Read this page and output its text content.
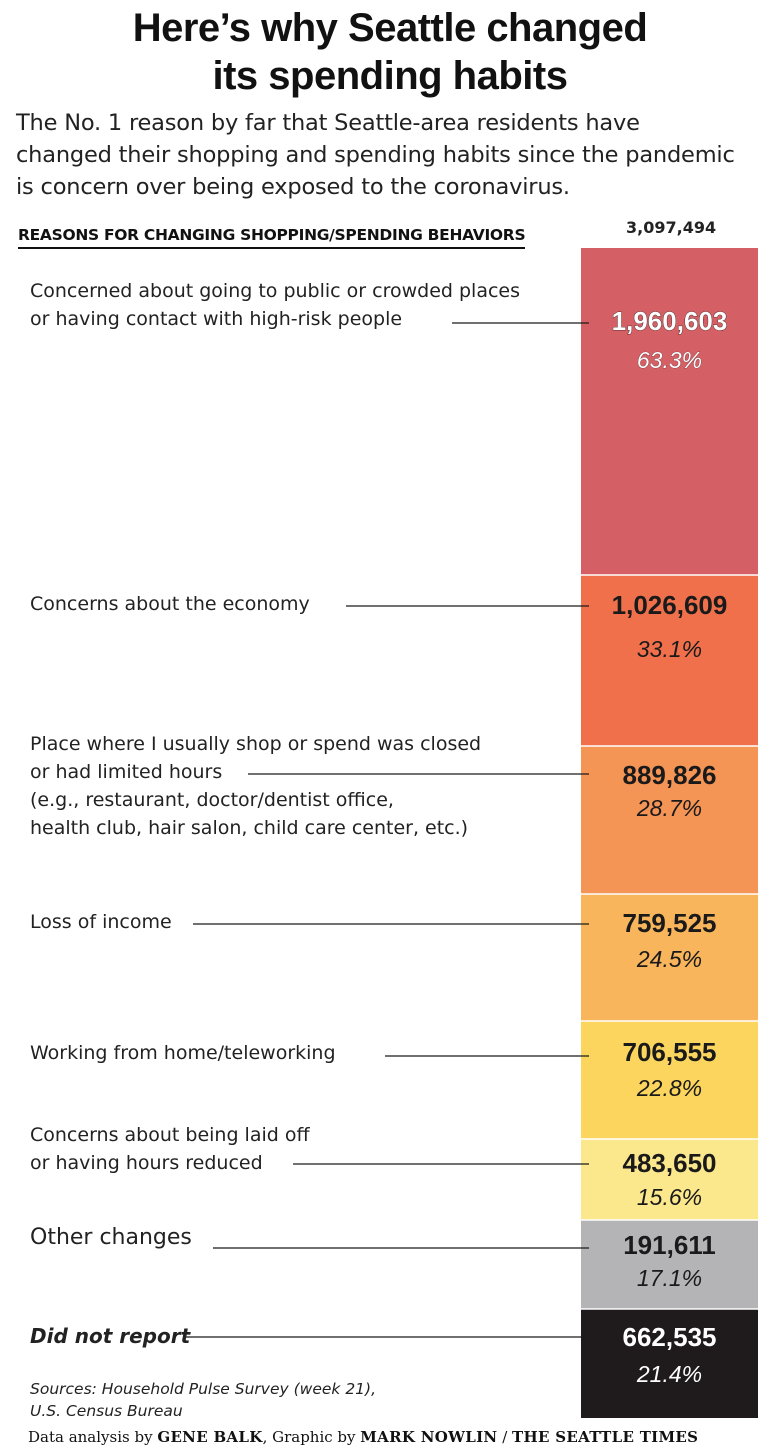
Here’s why Seattle changed
its spending habits
The No. 1 reason by far that Seattle-area residents have
changed their shopping and spending habits since the pandemic
is concern over being exposed to the coronavirus.
REASONS FOR CHANGING SHOPPING/SPENDING BEHAVIORS	3,097,494
1,960,603
63.3%
1,026,609
33.1%
889,826
28.7%
759,525
24.5%
706,555
22.8%
483,650
15.6%
191,611
17.1%
662,535
21.4%
Concerned about going to public or crowded places
or having contact with high-risk people
Concerns about the economy
Place where I usually shop or spend was closed
or had limited hours
(e.g., restaurant, doctor/dentist office,
health club, hair salon, child care center, etc.)
Loss of income
Working from home/teleworking
Concerns about being laid off
or having hours reduced
Other changes
Did not report
Sources: Household Pulse Survey (week 21),
U.S. Census Bureau
Data analysis by GENE BALK, Graphic by MARK NOWLIN / THE SEATTLE TIMES
